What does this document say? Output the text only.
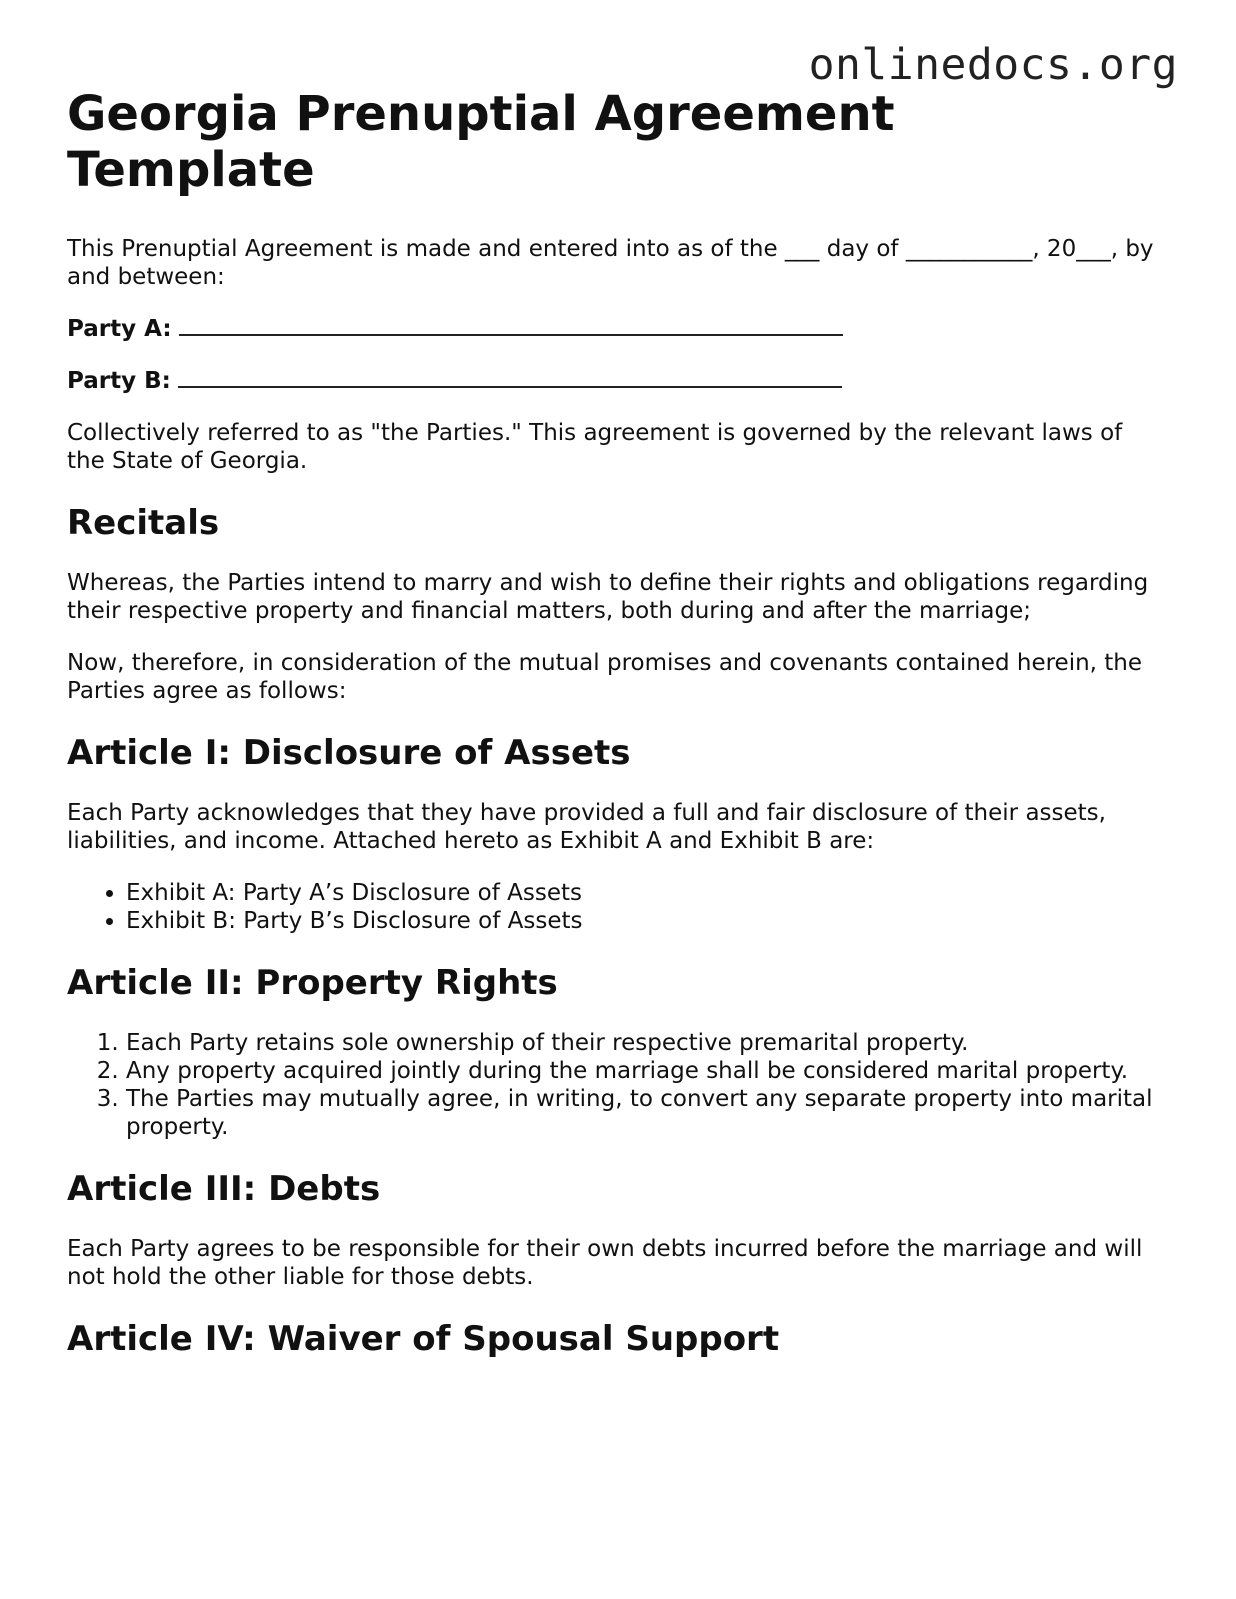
onlinedocs.org
Georgia Prenuptial Agreement Template

This Prenuptial Agreement is made and entered into as of the ___ day of ___________, 20___, by and between:

Party A:

Party B:

Collectively referred to as "the Parties." This agreement is governed by the relevant laws of the State of Georgia.

Recitals

Whereas, the Parties intend to marry and wish to define their rights and obligations regarding their respective property and financial matters, both during and after the marriage;

Now, therefore, in consideration of the mutual promises and covenants contained herein, the Parties agree as follows:

Article I: Disclosure of Assets

Each Party acknowledges that they have provided a full and fair disclosure of their assets, liabilities, and income. Attached hereto as Exhibit A and Exhibit B are:

• Exhibit A: Party A’s Disclosure of Assets
• Exhibit B: Party B’s Disclosure of Assets
Article II: Property Rights
1. Each Party retains sole ownership of their respective premarital property.
2. Any property acquired jointly during the marriage shall be considered marital property.
3. The Parties may mutually agree, in writing, to convert any separate property into marital property.
Article III: Debts

Each Party agrees to be responsible for their own debts incurred before the marriage and will not hold the other liable for those debts.

Article IV: Waiver of Spousal Support
